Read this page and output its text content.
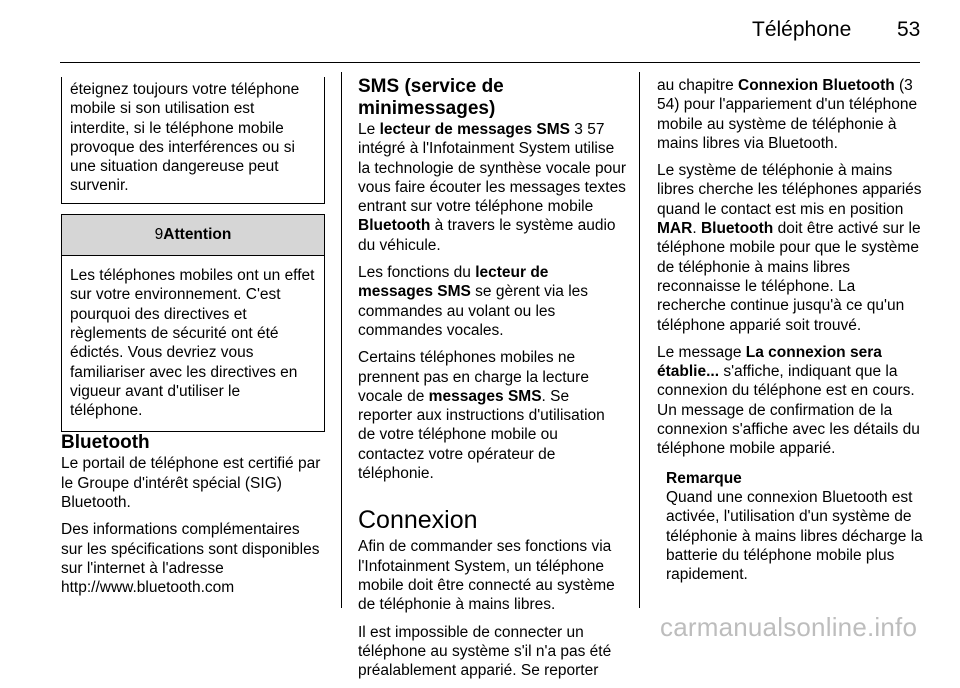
Téléphone 53
éteignez toujours votre téléphone mobile si son utilisation est interdite, si le téléphone mobile provoque des interférences ou si une situation dangereuse peut survenir.
9Attention
Les téléphones mobiles ont un effet sur votre environnement. C'est pourquoi des directives et règlements de sécurité ont été édictés. Vous devriez vous familiariser avec les directives en vigueur avant d'utiliser le téléphone.
Bluetooth

Le portail de téléphone est certifié par le Groupe d'intérêt spécial (SIG) Bluetooth.

Des informations complémentaires sur les spécifications sont disponibles sur l'internet à l'adresse http://www.bluetooth.com

SMS (service de minimessages)

Le lecteur de messages SMS 3 57 intégré à l'Infotainment System utilise la technologie de synthèse vocale pour vous faire écouter les messages textes entrant sur votre téléphone mobile Bluetooth à travers le système audio du véhicule.

Les fonctions du lecteur de messages SMS se gèrent via les commandes au volant ou les commandes vocales.

Certains téléphones mobiles ne prennent pas en charge la lecture vocale de messages SMS. Se reporter aux instructions d'utilisation de votre téléphone mobile ou contactez votre opérateur de téléphonie.

Connexion

Afin de commander ses fonctions via l'Infotainment System, un téléphone mobile doit être connecté au système de téléphonie à mains libres.

Il est impossible de connecter un téléphone au système s'il n'a pas été préalablement apparié. Se reporter

au chapitre Connexion Bluetooth (3 54) pour l'appariement d'un téléphone mobile au système de téléphonie à mains libres via Bluetooth.

Le système de téléphonie à mains libres cherche les téléphones appariés quand le contact est mis en position MAR. Bluetooth doit être activé sur le téléphone mobile pour que le système de téléphonie à mains libres reconnaisse le téléphone. La recherche continue jusqu'à ce qu'un téléphone apparié soit trouvé.

Le message La connexion sera établie... s'affiche, indiquant que la connexion du téléphone est en cours. Un message de confirmation de la connexion s'affiche avec les détails du téléphone mobile apparié.

Remarque
Quand une connexion Bluetooth est activée, l'utilisation d'un système de téléphonie à mains libres décharge la batterie du téléphone mobile plus rapidement.
carmanualsonline.info
